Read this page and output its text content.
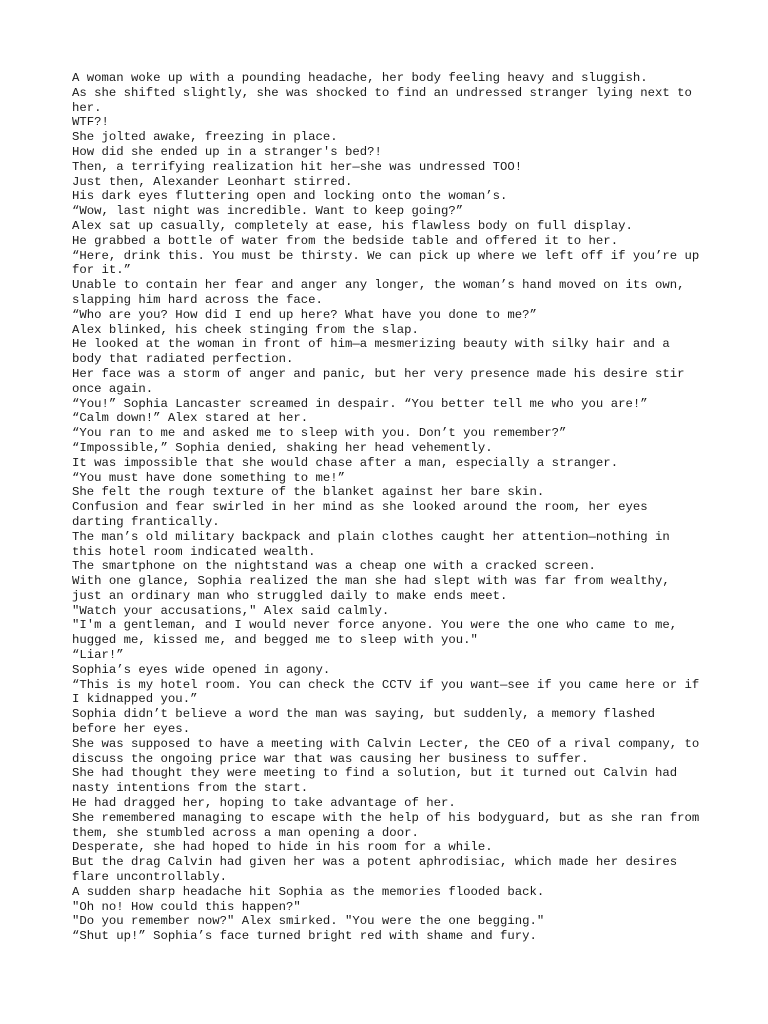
A woman woke up with a pounding headache, her body feeling heavy and sluggish.

As she shifted slightly, she was shocked to find an undressed stranger lying next to her.

WTF?!

She jolted awake, freezing in place.

How did she ended up in a stranger's bed?!

Then, a terrifying realization hit her—she was undressed TOO!

Just then, Alexander Leonhart stirred.

His dark eyes fluttering open and locking onto the woman’s.

“Wow, last night was incredible. Want to keep going?”

Alex sat up casually, completely at ease, his flawless body on full display.

He grabbed a bottle of water from the bedside table and offered it to her.

“Here, drink this. You must be thirsty. We can pick up where we left off if you’re up for it.”

Unable to contain her fear and anger any longer, the woman’s hand moved on its own, slapping him hard across the face.

“Who are you? How did I end up here? What have you done to me?”

Alex blinked, his cheek stinging from the slap.

He looked at the woman in front of him—a mesmerizing beauty with silky hair and a body that radiated perfection.

Her face was a storm of anger and panic, but her very presence made his desire stir once again.

“You!” Sophia Lancaster screamed in despair. “You better tell me who you are!”

“Calm down!” Alex stared at her.

“You ran to me and asked me to sleep with you. Don’t you remember?”

“Impossible,” Sophia denied, shaking her head vehemently.

It was impossible that she would chase after a man, especially a stranger.

“You must have done something to me!”

She felt the rough texture of the blanket against her bare skin.

Confusion and fear swirled in her mind as she looked around the room, her eyes darting frantically.

The man’s old military backpack and plain clothes caught her attention—nothing in this hotel room indicated wealth.

The smartphone on the nightstand was a cheap one with a cracked screen.

With one glance, Sophia realized the man she had slept with was far from wealthy, just an ordinary man who struggled daily to make ends meet.

"Watch your accusations," Alex said calmly.

"I'm a gentleman, and I would never force anyone. You were the one who came to me, hugged me, kissed me, and begged me to sleep with you."

“Liar!”

Sophia’s eyes wide opened in agony.

“This is my hotel room. You can check the CCTV if you want—see if you came here or if I kidnapped you.”

Sophia didn’t believe a word the man was saying, but suddenly, a memory flashed before her eyes.

She was supposed to have a meeting with Calvin Lecter, the CEO of a rival company, to discuss the ongoing price war that was causing her business to suffer.

She had thought they were meeting to find a solution, but it turned out Calvin had nasty intentions from the start.

He had dragged her, hoping to take advantage of her.

She remembered managing to escape with the help of his bodyguard, but as she ran from them, she stumbled across a man opening a door.

Desperate, she had hoped to hide in his room for a while.

But the drag Calvin had given her was a potent aphrodisiac, which made her desires flare uncontrollably.

A sudden sharp headache hit Sophia as the memories flooded back.

"Oh no! How could this happen?"

"Do you remember now?" Alex smirked. "You were the one begging."

“Shut up!” Sophia’s face turned bright red with shame and fury.
